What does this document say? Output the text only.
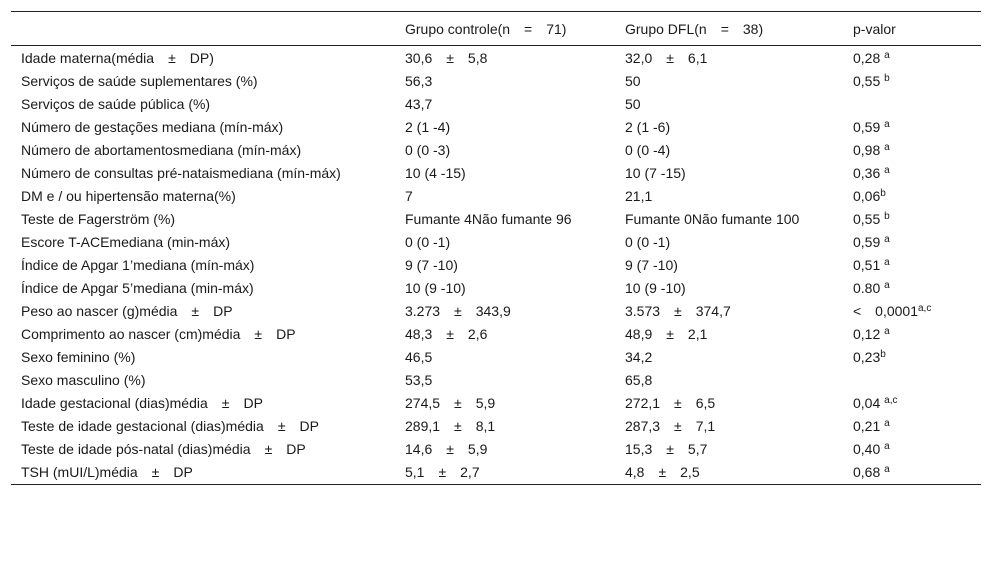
	Grupo controle(n = 71)	Grupo DFL(n = 38)	p-valor
Idade materna(média ± DP)	30,6 ± 5,8	32,0 ± 6,1	0,28 $^a$
Serviços de saúde suplementares (%)	56,3	50	0,55 $^b$
Serviços de saúde pública (%)	43,7	50	
Número de gestações mediana (mín-máx)	2 (1 -4)	2 (1 -6)	0,59 $^a$
Número de abortamentosmediana (mín-máx)	0 (0 -3)	0 (0 -4)	0,98 $^a$
Número de consultas pré-nataismediana (mín-máx)	10 (4 -15)	10 (7 -15)	0,36 $^a$
DM e / ou hipertensão materna(%)	7	21,1	0,06$^b$
Teste de Fagerström (%)	Fumante 4Não fumante 96	Fumante 0Não fumante 100	0,55 $^b$
Escore T-ACEmediana (min-máx)	0 (0 -1)	0 (0 -1)	0,59 $^a$
Índice de Apgar 1’mediana (mín-máx)	9 (7 -10)	9 (7 -10)	0,51 $^a$
Índice de Apgar 5’mediana (min-máx)	10 (9 -10)	10 (9 -10)	0.80 $^a$
Peso ao nascer (g)média ± DP	3.273 ± 343,9	3.573 ± 374,7	< $0,0001^{a,c}$
Comprimento ao nascer (cm)média ± DP	48,3 ± 2,6	48,9 ± 2,1	0,12 $^a$
Sexo feminino (%)	46,5	34,2	0,23$^b$
Sexo masculino (%)	53,5	65,8	
Idade gestacional (dias)média ± DP	274,5 ± 5,9	272,1 ± 6,5	0,04 $^{a,c}$
Teste de idade gestacional (dias)média ± DP	289,1 ± 8,1	287,3 ± 7,1	0,21 $^a$
Teste de idade pós-natal (dias)média ± DP	14,6 ± 5,9	15,3 ± 5,7	0,40 $^a$
TSH (mUI/L)média ± DP	5,1 ± 2,7	4,8 ± 2,5	0,68 $^a$
